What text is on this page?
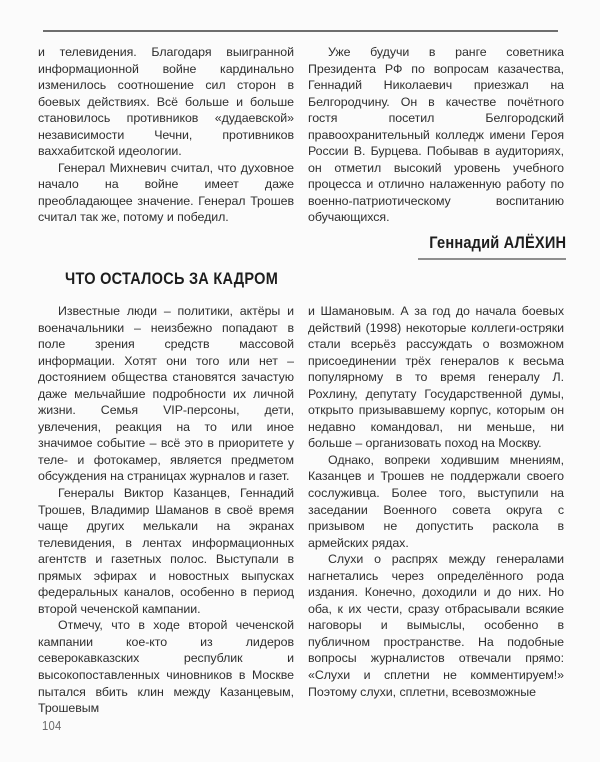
и телевидения. Благодаря выигранной информационной войне кардинально изменилось соотношение сил сторон в боевых действиях. Всё больше и больше становилось противников «дудаевской» независимости Чечни, противников ваххабитской идеологии.

Генерал Михневич считал, что духовное начало на войне имеет даже преобладающее значение. Генерал Трошев считал так же, потому и победил.

Уже будучи в ранге советника Президента РФ по вопросам казачества, Геннадий Николаевич приезжал на Белгородчину. Он в качестве почётного гостя посетил Белгородский правоохранительный колледж имени Героя России В. Бурцева. Побывав в аудиториях, он отметил высокий уровень учебного процесса и отлично налаженную работу по военно-патриотическому воспитанию обучающихся.

Геннадий АЛЁХИН
ЧТО ОСТАЛОСЬ ЗА КАДРОМ

Известные люди – политики, актёры и военачальники – неизбежно попадают в поле зрения средств массовой информации. Хотят они того или нет – достоянием общества становятся зачастую даже мельчайшие подробности их личной жизни. Семья VIP-персоны, дети, увлечения, реакция на то или иное значимое событие – всё это в приоритете у теле- и фотокамер, является предметом обсуждения на страницах журналов и газет.

Генералы Виктор Казанцев, Геннадий Трошев, Владимир Шаманов в своё время чаще других мелькали на экранах телевидения, в лентах информационных агентств и газетных полос. Выступали в прямых эфирах и новостных выпусках федеральных каналов, особенно в период второй чеченской кампании.

Отмечу, что в ходе второй чеченской кампании кое-кто из лидеров северокавказских республик и высокопоставленных чиновников в Москве пытался вбить клин между Казанцевым, Трошевым

и Шамановым. А за год до начала боевых действий (1998) некоторые коллеги-остряки стали всерьёз рассуждать о возможном присоединении трёх генералов к весьма популярному в то время генералу Л. Рохлину, депутату Государственной думы, открыто призывавшему корпус, которым он недавно командовал, ни меньше, ни больше – организовать поход на Москву.

Однако, вопреки ходившим мнениям, Казанцев и Трошев не поддержали своего сослуживца. Более того, выступили на заседании Военного совета округа с призывом не допустить раскола в армейских рядах.

Слухи о распрях между генералами нагнетались через определённого рода издания. Конечно, доходили и до них. Но оба, к их чести, сразу отбрасывали всякие наговоры и вымыслы, особенно в публичном пространстве. На подобные вопросы журналистов отвечали прямо: «Слухи и сплетни не комментируем!» Поэтому слухи, сплетни, всевозможные

104
